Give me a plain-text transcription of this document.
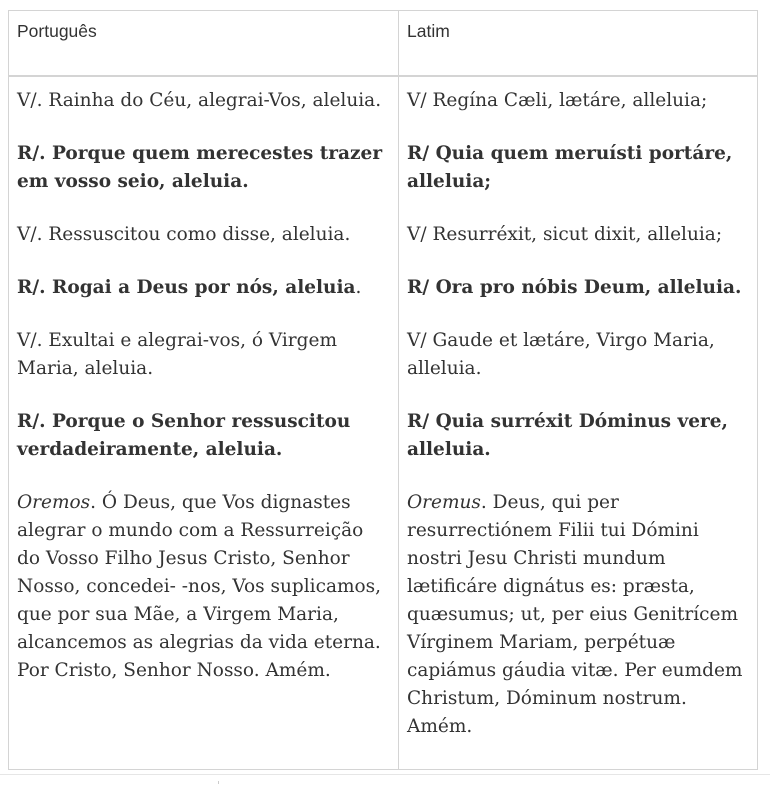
Português	Latim

V/. Rainha do Céu, alegrai-Vos, aleluia.

R/. Porque quem merecestes trazer em vosso seio, aleluia.

V/. Ressuscitou como disse, aleluia.

R/. Rogai a Deus por nós, aleluia.

V/. Exultai e alegrai-vos, ó Virgem Maria, aleluia.

R/. Porque o Senhor ressuscitou verdadeiramente, aleluia.

Oremos. Ó Deus, que Vos dignastes alegrar o mundo com a Ressurreição do Vosso Filho Jesus Cristo, Senhor Nosso, concedei- -nos, Vos suplicamos, que por sua Mãe, a Virgem Maria, alcancemos as alegrias da vida eterna. Por Cristo, Senhor Nosso. Amém.

V/ Regína Cæli, lætáre, alleluia;

R/ Quia quem meruísti portáre, alleluia;

V/ Resurréxit, sicut dixit, alleluia;

R/ Ora pro nóbis Deum, alleluia.

V/ Gaude et lætáre, Virgo Maria, alleluia.

R/ Quia surréxit Dóminus vere, alleluia.

Oremus. Deus, qui per resurrectiónem Filii tui Dómini nostri Jesu Christi mundum lætificáre dignátus es: præsta, quæsumus; ut, per eius Genitrícem Vírginem Mariam, perpétuæ capiámus gáudia vitæ. Per eumdem Christum, Dóminum nostrum. Amém.
